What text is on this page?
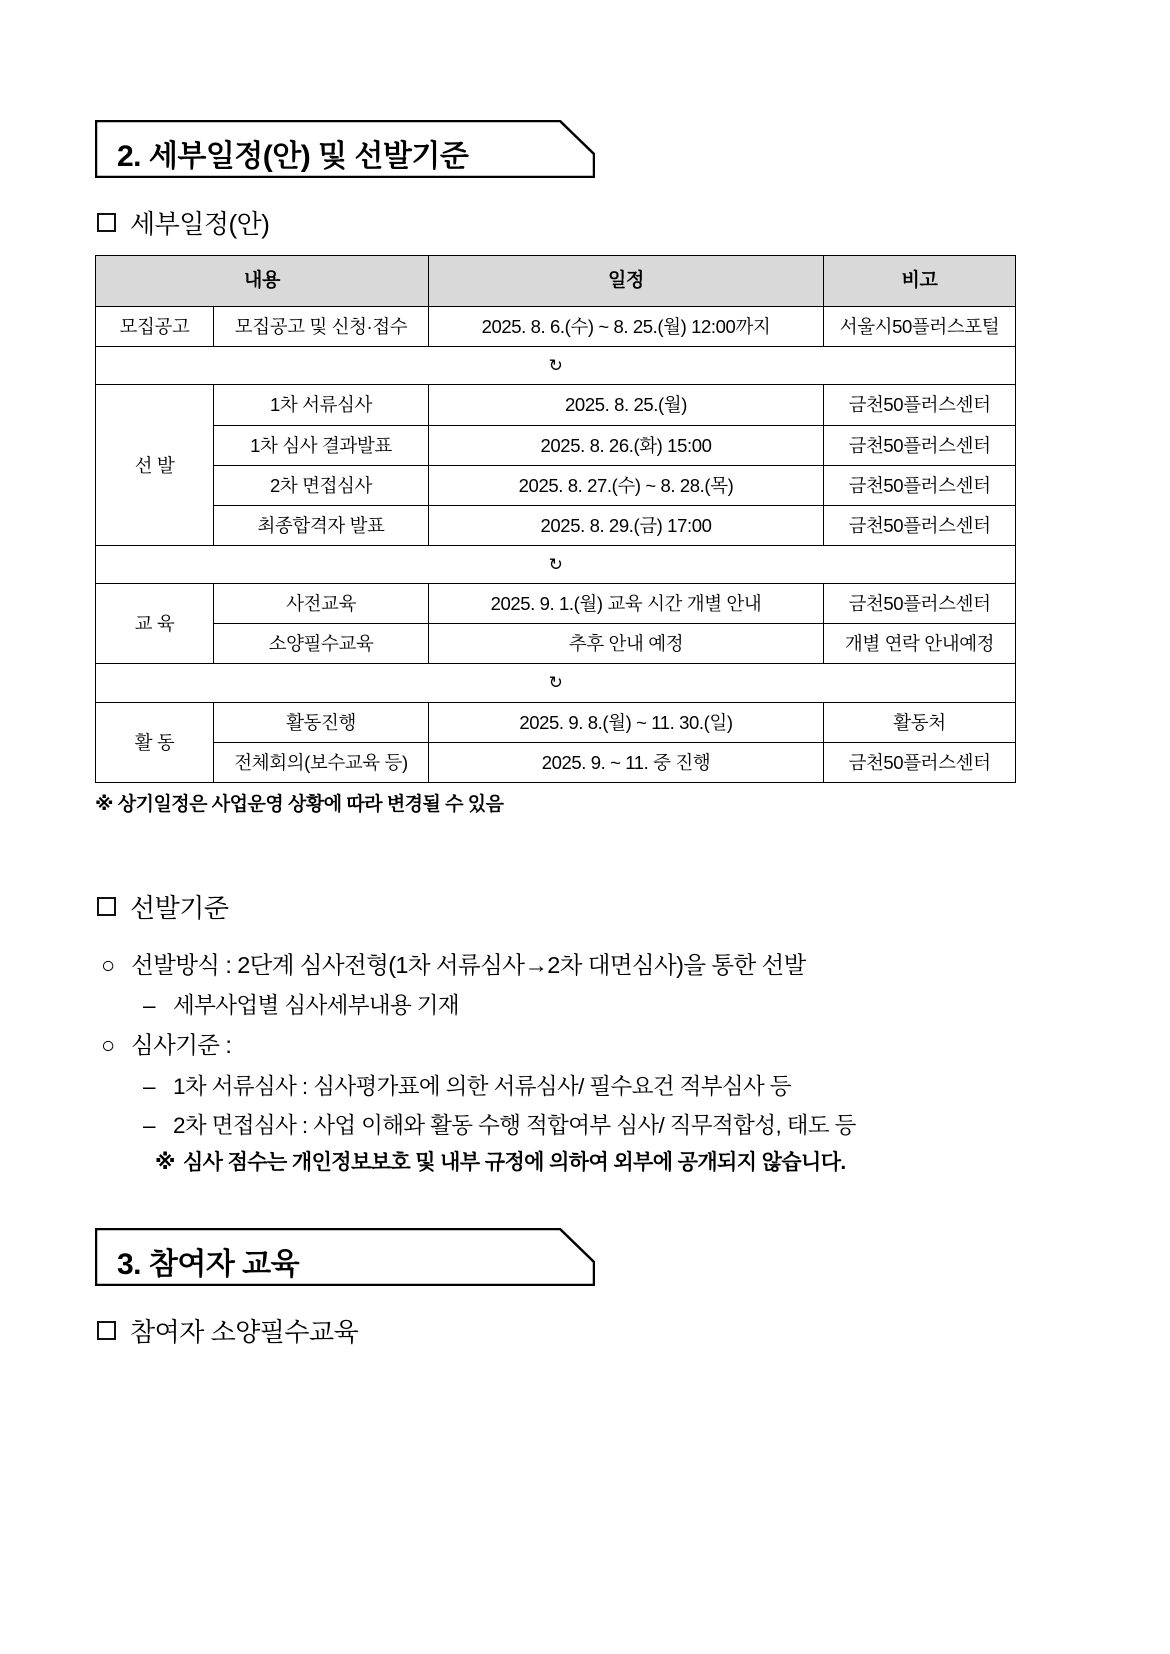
2. 세부일정(안) 및 선발기준
세부일정(안)
내용		일정	비고
모집공고	모집공고 및 신청·접수	2025. 8. 6.(수) ~ 8. 25.(월) 12:00까지	서울시50플러스포털
↻			
선 발	1차 서류심사	2025. 8. 25.(월)	금천50플러스센터
	1차 심사 결과발표	2025. 8. 26.(화) 15:00	금천50플러스센터
	2차 면접심사	2025. 8. 27.(수) ~ 8. 28.(목)	금천50플러스센터
	최종합격자 발표	2025. 8. 29.(금) 17:00	금천50플러스센터
↻			
교 육	사전교육	2025. 9. 1.(월) 교육 시간 개별 안내	금천50플러스센터
	소양필수교육	추후 안내 예정	개별 연락 안내예정
↻			
활 동	활동진행	2025. 9. 8.(월) ~ 11. 30.(일)	활동처
	전체회의(보수교육 등)	2025. 9. ~ 11. 중 진행	금천50플러스센터
※ 상기일정은 사업운영 상황에 따라 변경될 수 있음
선발기준
○ 선발방식 : 2단계 심사전형(1차 서류심사→2차 대면심사)을 통한 선발
– 세부사업별 심사세부내용 기재
○ 심사기준 :
– 1차 서류심사 : 심사평가표에 의한 서류심사/ 필수요건 적부심사 등
– 2차 면접심사 : 사업 이해와 활동 수행 적합여부 심사/ 직무적합성, 태도 등
※ 심사 점수는 개인정보보호 및 내부 규정에 의하여 외부에 공개되지 않습니다.
3. 참여자 교육
참여자 소양필수교육
